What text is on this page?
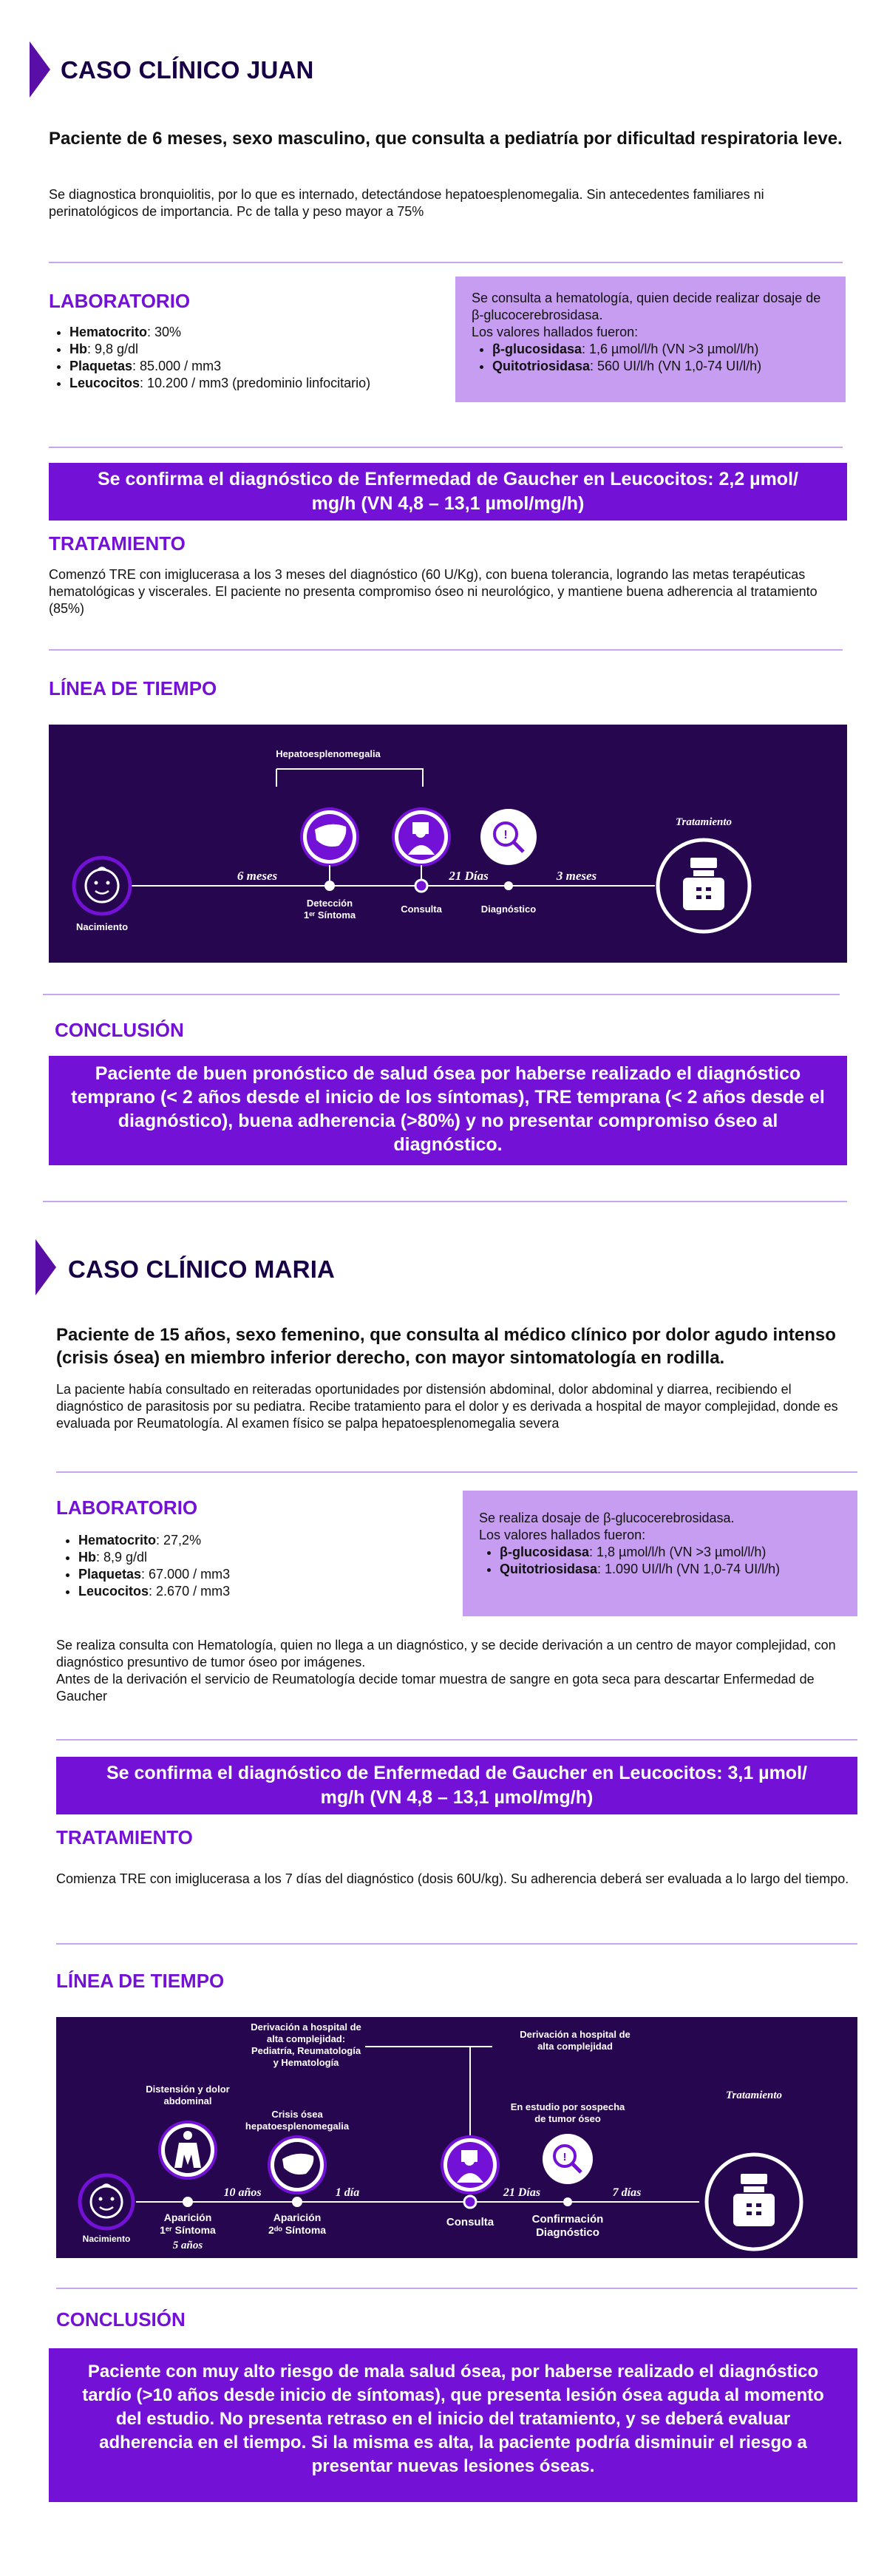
CASO CLÍNICO JUAN
Paciente de 6 meses, sexo masculino, que consulta a pediatría por dificultad respiratoria leve.
Se diagnostica bronquiolitis, por lo que es internado, detectándose hepatoesplenomegalia. Sin antecedentes familiares ni perinatológicos de importancia. Pc de talla y peso mayor a 75%
LABORATORIO
• Hematocrito: 30%
• Hb: 9,8 g/dl
• Plaquetas: 85.000 / mm3
• Leucocitos: 10.200 / mm3 (predominio linfocitario)
Se consulta a hematología, quien decide realizar dosaje de β-glucocerebrosidasa.
Los valores hallados fueron:
• β-glucosidasa: 1,6 µmol/l/h (VN >3 µmol/l/h)
• Quitotriosidasa: 560 UI/l/h (VN 1,0-74 UI/l/h)
Se confirma el diagnóstico de Enfermedad de Gaucher en Leucocitos: 2,2 µmol/ mg/h (VN 4,8 – 13,1 µmol/mg/h)
TRATAMIENTO
Comenzó TRE con imiglucerasa a los 3 meses del diagnóstico (60 U/Kg), con buena tolerancia, logrando las metas terapéuticas hematológicas y viscerales. El paciente no presenta compromiso óseo ni neurológico, y mantiene buena adherencia al tratamiento (85%)
LÍNEA DE TIEMPO
Nacimiento
6 meses
Hepatoesplenomegalia
Detección
1ᵉʳ Síntoma
Consulta
21 Días
!
Diagnóstico
3 meses
Tratamiento
CONCLUSIÓN
Paciente de buen pronóstico de salud ósea por haberse realizado el diagnóstico temprano (< 2 años desde el inicio de los síntomas), TRE temprana (< 2 años desde el diagnóstico), buena adherencia (>80%) y no presentar compromiso óseo al diagnóstico.
CASO CLÍNICO MARIA
Paciente de 15 años, sexo femenino, que consulta al médico clínico por dolor agudo intenso (crisis ósea) en miembro inferior derecho, con mayor sintomatología en rodilla.
La paciente había consultado en reiteradas oportunidades por distensión abdominal, dolor abdominal y diarrea, recibiendo el diagnóstico de parasitosis por su pediatra. Recibe tratamiento para el dolor y es derivada a hospital de mayor complejidad, donde es evaluada por Reumatología. Al examen físico se palpa hepatoesplenomegalia severa
LABORATORIO
• Hematocrito: 27,2%
• Hb: 8,9 g/dl
• Plaquetas: 67.000 / mm3
• Leucocitos: 2.670 / mm3
Se realiza dosaje de β-glucocerebrosidasa.
Los valores hallados fueron:
• β-glucosidasa: 1,8 µmol/l/h (VN >3 µmol/l/h)
• Quitotriosidasa: 1.090 UI/l/h (VN 1,0-74 UI/l/h)
Se realiza consulta con Hematología, quien no llega a un diagnóstico, y se decide derivación a un centro de mayor complejidad, con diagnóstico presuntivo de tumor óseo por imágenes.
Antes de la derivación el servicio de Reumatología decide tomar muestra de sangre en gota seca para descartar Enfermedad de Gaucher
Se confirma el diagnóstico de Enfermedad de Gaucher en Leucocitos: 3,1 µmol/ mg/h (VN 4,8 – 13,1 µmol/mg/h)
TRATAMIENTO
Comienza TRE con imiglucerasa a los 7 días del diagnóstico (dosis 60U/kg). Su adherencia deberá ser evaluada a lo largo del tiempo.
LÍNEA DE TIEMPO
Nacimiento
Distensión y dolor
abdominal
Aparición
1ᵉʳ Síntoma
5 años
10 años
Crisis ósea
hepatoesplenomegalia
Aparición
2ᵈᵒ Síntoma
1 día
Derivación a hospital de
alta complejidad:
Pediatría, Reumatología
y Hematología
Derivación a hospital de
alta complejidad
Consulta
21 Días
En estudio por sospecha
de tumor óseo
!
Confirmación
Diagnóstico
7 días
Tratamiento
CONCLUSIÓN
Paciente con muy alto riesgo de mala salud ósea, por haberse realizado el diagnóstico tardío (>10 años desde inicio de síntomas), que presenta lesión ósea aguda al momento del estudio. No presenta retraso en el inicio del tratamiento, y se deberá evaluar adherencia en el tiempo. Si la misma es alta, la paciente podría disminuir el riesgo a presentar nuevas lesiones óseas.
